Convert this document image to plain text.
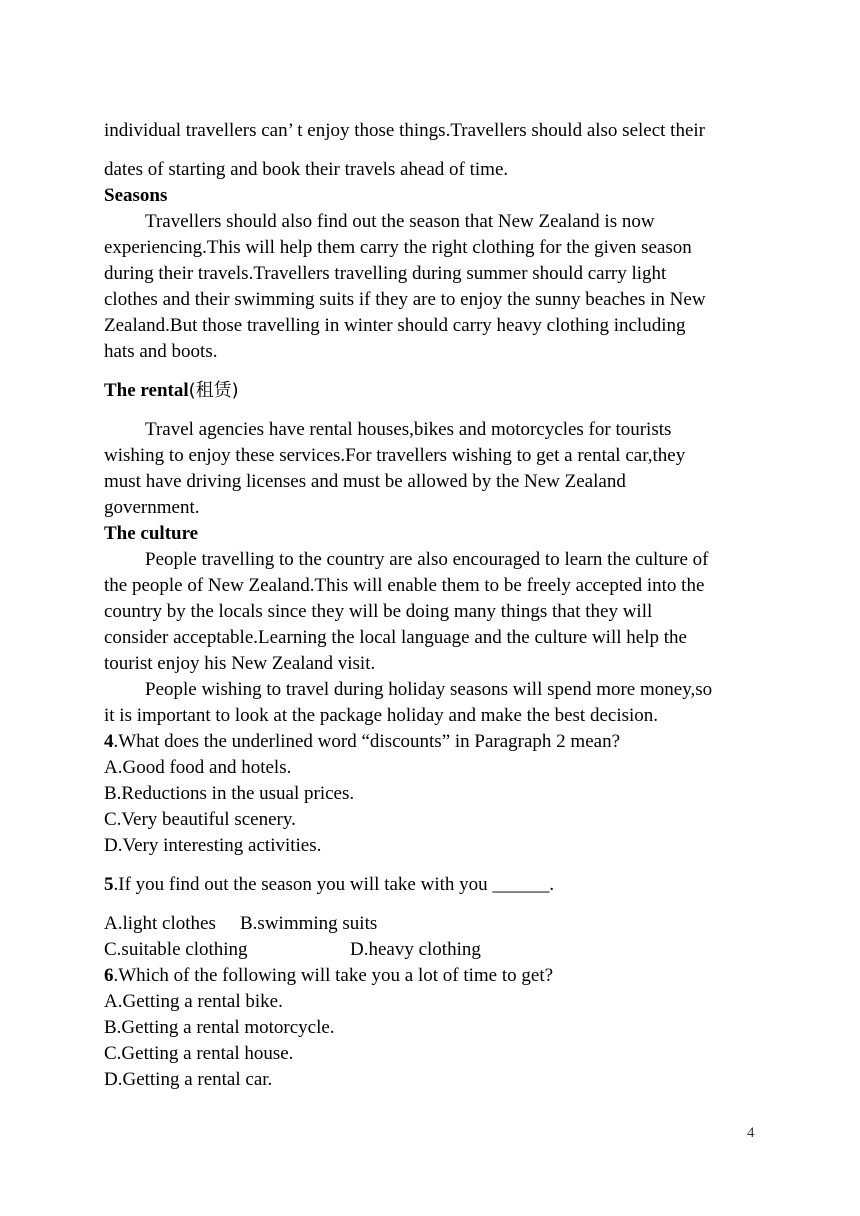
individual travellers can’ t enjoy those things.Travellers should also select their
dates of starting and book their travels ahead of time.
Seasons
Travellers should also find out the season that New Zealand is now
experiencing.This will help them carry the right clothing for the given season
during their travels.Travellers travelling during summer should carry light
clothes and their swimming suits if they are to enjoy the sunny beaches in New
Zealand.But those travelling in winter should carry heavy clothing including
hats and boots.
The rental(租赁)
Travel agencies have rental houses,bikes and motorcycles for tourists
wishing to enjoy these services.For travellers wishing to get a rental car,they
must have driving licenses and must be allowed by the New Zealand
government.
The culture
People travelling to the country are also encouraged to learn the culture of
the people of New Zealand.This will enable them to be freely accepted into the
country by the locals since they will be doing many things that they will
consider acceptable.Learning the local language and the culture will help the
tourist enjoy his New Zealand visit.
People wishing to travel during holiday seasons will spend more money,so
it is important to look at the package holiday and make the best decision.
4.What does the underlined word “discounts” in Paragraph 2 mean?
A.Good food and hotels.
B.Reductions in the usual prices.
C.Very beautiful scenery.
D.Very interesting activities.
5.If you find out the season you will take with you ______.
A.light clothes B.swimming suits
C.suitable clothing	D.heavy clothing
6.Which of the following will take you a lot of time to get?
A.Getting a rental bike.
B.Getting a rental motorcycle.
C.Getting a rental house.
D.Getting a rental car.
4
